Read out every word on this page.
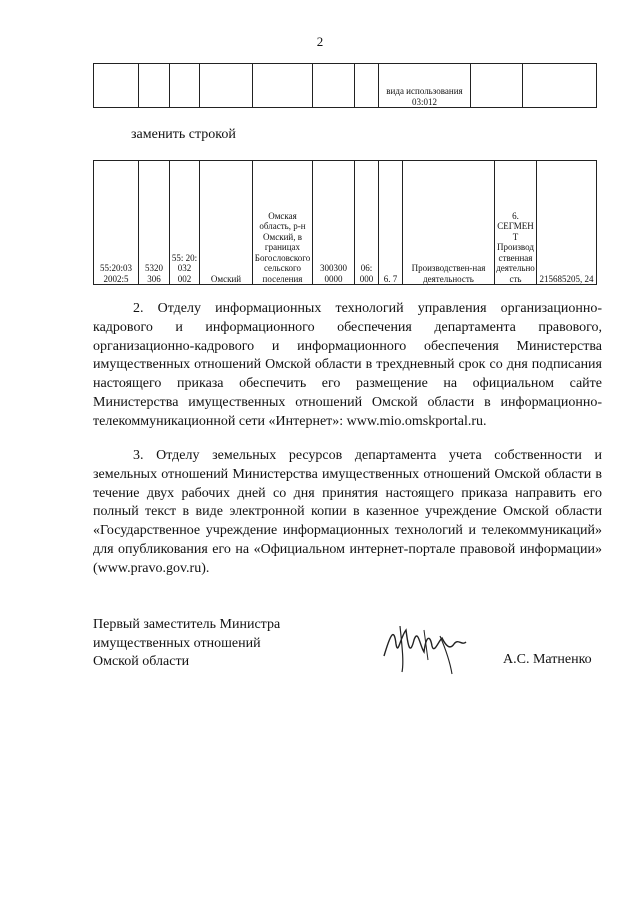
2
							вида использования 03:012		
заменить строкой
55:20:03 2002:5	5320 306	55: 20: 032 002	Омский	Омская область, р-н Омский, в границах Богословского сельского поселения	300300 0000	06: 000	6. 7	Производствен-ная деятельность	6. СЕГМЕНТ Производственная деятельность	215685205, 24

2. Отделу информационных технологий управления организационно-кадрового и информационного обеспечения департамента правового, организационно-кадрового и информационного обеспечения Министерства имущественных отношений Омской области в трехдневный срок со дня подписания настоящего приказа обеспечить его размещение на официальном сайте Министерства имущественных отношений Омской области в информационно-телекоммуникационной сети «Интернет»: www.mio.omskportal.ru.

3. Отделу земельных ресурсов департамента учета собственности и земельных отношений Министерства имущественных отношений Омской области в течение двух рабочих дней со дня принятия настоящего приказа направить его полный текст в виде электронной копии в казенное учреждение Омской области «Государственное учреждение информационных технологий и телекоммуникаций» для опубликования его на «Официальном интернет-портале правовой информации» (www.pravo.gov.ru).

Первый заместитель Министра
имущественных отношений
Омской области	А.С. Матненко
